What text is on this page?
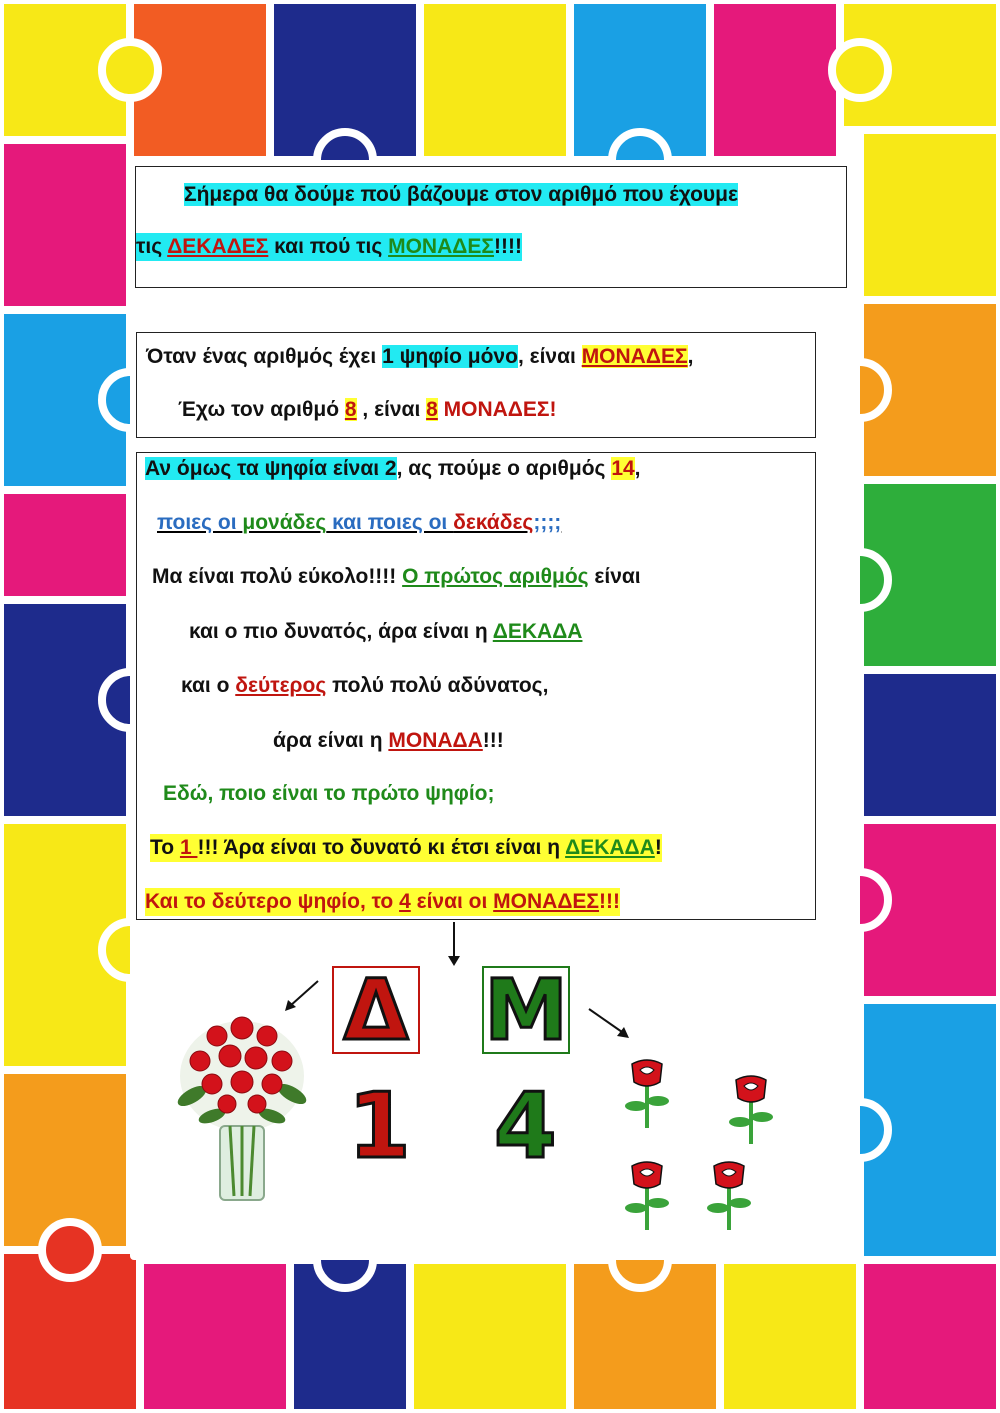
Σήμερα θα δούμε πού βάζουμε στον αριθμό που έχουμε
τις ΔΕΚΑΔΕΣ και πού τις ΜΟΝΑΔΕΣ!!!!
Όταν ένας αριθμός έχει 1 ψηφίο μόνο, είναι ΜΟΝΑΔΕΣ,
Έχω τον αριθμό 8 , είναι 8 ΜΟΝΑΔΕΣ!
Αν όμως τα ψηφία είναι 2, ας πούμε ο αριθμός 14,
ποιες οι μονάδες και ποιες οι δεκάδες;;;;
Μα είναι πολύ εύκολο!!!! Ο πρώτος αριθμός είναι
και ο πιο δυνατός, άρα είναι η ΔΕΚΑΔΑ
και ο δεύτερος πολύ πολύ αδύνατος,
άρα είναι η ΜΟΝΑΔΑ!!!
Εδώ, ποιο είναι το πρώτο ψηφίο;
Το 1 !!! Άρα είναι το δυνατό κι έτσι είναι η ΔΕΚΑΔΑ!
Και το δεύτερο ψηφίο, το 4 είναι οι ΜΟΝΑΔΕΣ!!!
Δ Μ
1 4
